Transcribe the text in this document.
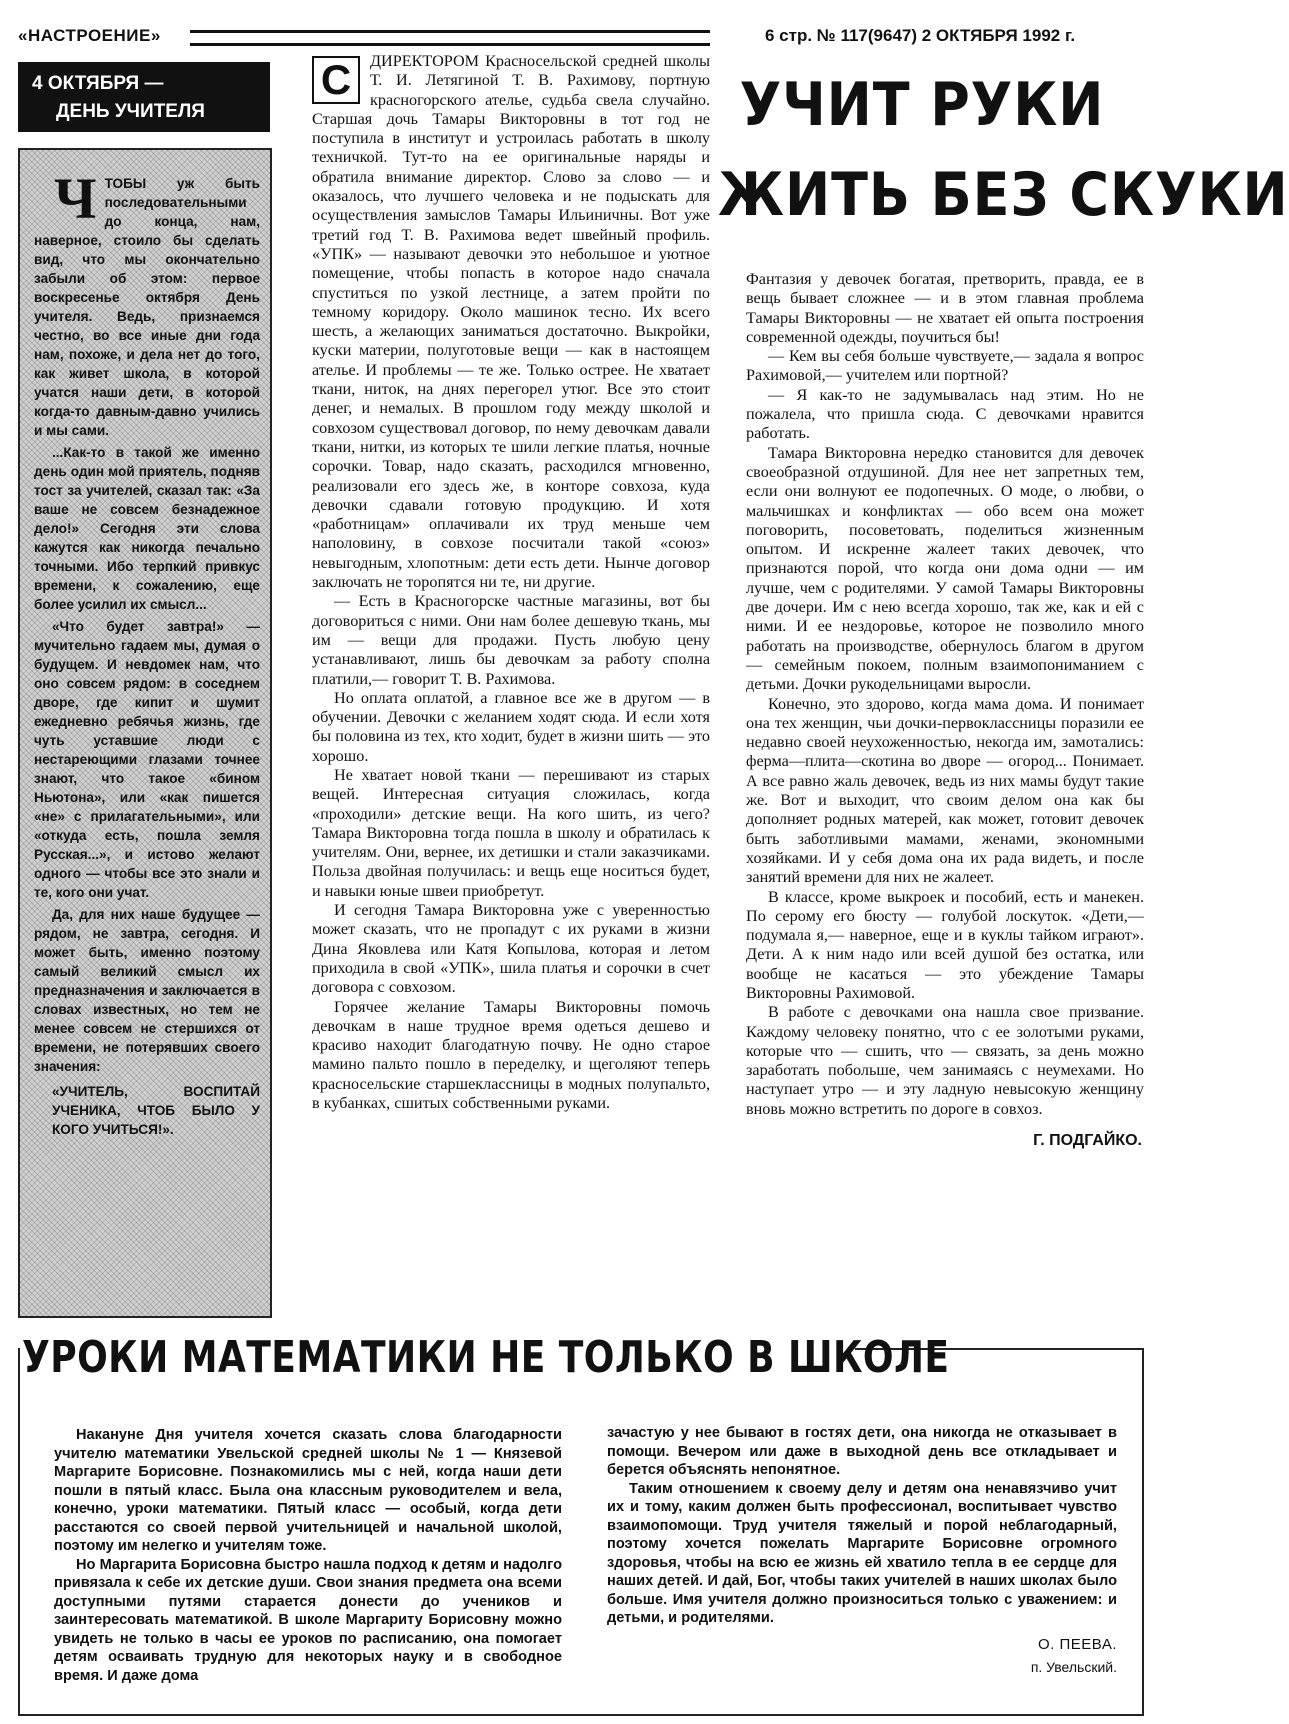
«НАСТРОЕНИЕ»	6 стр. № 117(9647) 2 ОКТЯБРЯ 1992 г.
4 ОКТЯБРЯ —
ДЕНЬ УЧИТЕЛЯ
Ч ТОБЫ уж быть последовательными до конца, нам, наверное, стоило бы сделать вид, что мы окончательно забыли об этом: первое воскресенье октября День учителя. Ведь, признаемся честно, во все иные дни года нам, похоже, и дела нет до того, как живет школа, в которой учатся наши дети, в которой когда-то давным-давно учились и мы сами.

...Как-то в такой же именно день один мой приятель, подняв тост за учителей, сказал так: «За ваше не совсем безнадежное дело!» Сегодня эти слова кажутся как никогда печально точными. Ибо терпкий привкус времени, к сожалению, еще более усилил их смысл...

«Что будет завтра!» — мучительно гадаем мы, думая о будущем. И невдомек нам, что оно совсем рядом: в соседнем дворе, где кипит и шумит ежедневно ребячья жизнь, где чуть уставшие люди с нестареющими глазами точнее знают, что такое «бином Ньютона», или «как пишется «не» с прилагательными», или «откуда есть, пошла земля Русская...», и истово желают одного — чтобы все это знали и те, кого они учат.

Да, для них наше будущее — рядом, не завтра, сегодня. И может быть, именно поэтому самый великий смысл их предназначения и заключается в словах известных, но тем не менее совсем не стершихся от времени, не потерявших своего значения:

«УЧИТЕЛЬ, ВОСПИТАЙ УЧЕНИКА, ЧТОБ БЫЛО У КОГО УЧИТЬСЯ!».

С	ДИРЕКТОРОМ Красносельской средней школы Т. И. Летягиной Т. В. Рахимову, портную красногорского ателье, судьба свела случайно. Старшая дочь Тамары Викторовны в тот год не поступила в институт и устроилась работать в школу техничкой. Тут-то на ее оригинальные наряды и обратила внимание директор. Слово за слово — и оказалось, что лучшего человека и не подыскать для осуществления замыслов Тамары Ильиничны. Вот уже третий год Т. В. Рахимова ведет швейный профиль. «УПК» — называют девочки это небольшое и уютное помещение, чтобы попасть в которое надо сначала спуститься по узкой лестнице, а затем пройти по темному коридору. Около машинок тесно. Их всего шесть, а желающих заниматься достаточно. Выкройки, куски материи, полуготовые вещи — как в настоящем ателье. И проблемы — те же. Только острее. Не хватает ткани, ниток, на днях перегорел утюг. Все это стоит денег, и немалых. В прошлом году между школой и совхозом существовал договор, по нему девочкам давали ткани, нитки, из которых те шили легкие платья, ночные сорочки. Товар, надо сказать, расходился мгновенно, реализовали его здесь же, в конторе совхоза, куда девочки сдавали готовую продукцию. И хотя «работницам» оплачивали их труд меньше чем наполовину, в совхозе посчитали такой «союз» невыгодным, хлопотным: дети есть дети. Нынче договор заключать не торопятся ни те, ни другие.

— Есть в Красногорске частные магазины, вот бы договориться с ними. Они нам более дешевую ткань, мы им — вещи для продажи. Пусть любую цену устанавливают, лишь бы девочкам за работу сполна платили,— говорит Т. В. Рахимова.

Но оплата оплатой, а главное все же в другом — в обучении. Девочки с желанием ходят сюда. И если хотя бы половина из тех, кто ходит, будет в жизни шить — это хорошо.

Не хватает новой ткани — перешивают из старых вещей. Интересная ситуация сложилась, когда «проходили» детские вещи. На кого шить, из чего? Тамара Викторовна тогда пошла в школу и обратилась к учителям. Они, вернее, их детишки и стали заказчиками. Польза двойная получилась: и вещь еще носиться будет, и навыки юные швеи приобретут.

И сегодня Тамара Викторовна уже с уверенностью может сказать, что не пропадут с их руками в жизни Дина Яковлева или Катя Копылова, которая и летом приходила в свой «УПК», шила платья и сорочки в счет договора с совхозом.

Горячее желание Тамары Викторовны помочь девочкам в наше трудное время одеться дешево и красиво находит благодатную почву. Не одно старое мамино пальто пошло в переделку, и щеголяют теперь красносельские старшеклассницы в модных полупальто, в кубанках, сшитых собственными руками.

УЧИТ РУКИ
ЖИТЬ БЕЗ СКУКИ

Фантазия у девочек богатая, претворить, правда, ее в вещь бывает сложнее — и в этом главная проблема Тамары Викторовны — не хватает ей опыта построения современной одежды, поучиться бы!

— Кем вы себя больше чувствуете,— задала я вопрос Рахимовой,— учителем или портной?

— Я как-то не задумывалась над этим. Но не пожалела, что пришла сюда. С девочками нравится работать.

Тамара Викторовна нередко становится для девочек своеобразной отдушиной. Для нее нет запретных тем, если они волнуют ее подопечных. О моде, о любви, о мальчишках и конфликтах — обо всем она может поговорить, посоветовать, поделиться жизненным опытом. И искренне жалеет таких девочек, что признаются порой, что когда они дома одни — им лучше, чем с родителями. У самой Тамары Викторовны две дочери. Им с нею всегда хорошо, так же, как и ей с ними. И ее нездоровье, которое не позволило много работать на производстве, обернулось благом в другом — семейным покоем, полным взаимопониманием с детьми. Дочки рукодельницами выросли.

Конечно, это здорово, когда мама дома. И понимает она тех женщин, чьи дочки-первоклассницы поразили ее недавно своей неухоженностью, некогда им, замотались: ферма—плита—скотина во дворе — огород... Понимает. А все равно жаль девочек, ведь из них мамы будут такие же. Вот и выходит, что своим делом она как бы дополняет родных матерей, как может, готовит девочек быть заботливыми мамами, женами, экономными хозяйками. И у себя дома она их рада видеть, и после занятий времени для них не жалеет.

В классе, кроме выкроек и пособий, есть и манекен. По серому его бюсту — голубой лоскуток. «Дети,— подумала я,— наверное, еще и в куклы тайком играют». Дети. А к ним надо или всей душой без остатка, или вообще не касаться — это убеждение Тамары Викторовны Рахимовой.

В работе с девочками она нашла свое призвание. Каждому человеку понятно, что с ее золотыми руками, которые что — сшить, что — связать, за день можно заработать побольше, чем занимаясь с неумехами. Но наступает утро — и эту ладную невысокую женщину вновь можно встретить по дороге в совхоз.

Г. ПОДГАЙКО.
УРОКИ МАТЕМАТИКИ НЕ ТОЛЬКО В ШКОЛЕ

Накануне Дня учителя хочется сказать слова благодарности учителю математики Увельской средней школы № 1 — Князевой Маргарите Борисовне. Познакомились мы с ней, когда наши дети пошли в пятый класс. Была она классным руководителем и вела, конечно, уроки математики. Пятый класс — особый, когда дети расстаются со своей первой учительницей и начальной школой, поэтому им нелегко и учителям тоже.

Но Маргарита Борисовна быстро нашла подход к детям и надолго привязала к себе их детские души. Свои знания предмета она всеми доступными путями старается донести до учеников и заинтересовать математикой. В школе Маргариту Борисовну можно увидеть не только в часы ее уроков по расписанию, она помогает детям осваивать трудную для некоторых науку и в свободное время. И даже дома

зачастую у нее бывают в гостях дети, она никогда не отказывает в помощи. Вечером или даже в выходной день все откладывает и берется объяснять непонятное.

Таким отношением к своему делу и детям она ненавязчиво учит их и тому, каким должен быть профессионал, воспитывает чувство взаимопомощи. Труд учителя тяжелый и порой неблагодарный, поэтому хочется пожелать Маргарите Борисовне огромного здоровья, чтобы на всю ее жизнь ей хватило тепла в ее сердце для наших детей. И дай, Бог, чтобы таких учителей в наших школах было больше. Имя учителя должно произноситься только с уважением: и детьми, и родителями.

О. ПЕЕВА.
п. Увельский.
